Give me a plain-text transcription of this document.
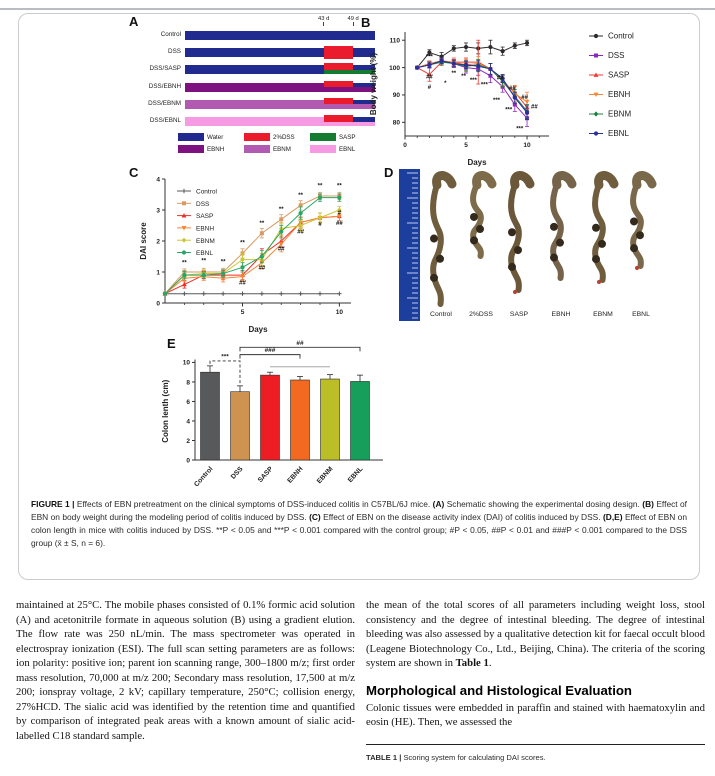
A
Control
DSS
DSS/SASP
DSS/EBNH
DSS/EBNM
DSS/EBNL
43 d	49 d
Water	2%DSS	SASP
EBNH	EBNM	EBNL
B
80
90
100
110
0	5	10
Days
Body weight (%)	***
##
#
*
** **
***
***
***
##
***
##
***
##
##
Control
DSS
SASP
EBNH
EBNM
EBNL
C
0
1
2
3
4
5	10
Days
DAI score
** ** **
**
**
**
**
** **
##
##
##
##
# ##
#
Control
DSS
SASP
EBNH
EBNM
EBNL
D
Control	2%DSS	SASP	EBNH	EBNM	EBNL
E
0
2
4
6
8
10
Colon lenth (cm)
Control DSS SASP EBNH EBNM EBNL
***
###
##
FIGURE 1 | Effects of EBN pretreatment on the clinical symptoms of DSS-induced colitis in C57BL/6J mice. (A) Schematic showing the experimental dosing design. (B) Effect of EBN on body weight during the modeling period of colitis induced by DSS. (C) Effect of EBN on the disease activity index (DAI) of colitis induced by DSS. (D,E) Effect of EBN on colon length in mice with colitis induced by DSS. **P < 0.05 and ***P < 0.001 compared with the control group; #P < 0.05, ##P < 0.01 and ###P < 0.001 compared to the DSS group (x̄ ± S, n = 6).

maintained at 25°C. The mobile phases consisted of 0.1% formic acid solution (A) and acetonitrile formate in aqueous solution (B) using a gradient elution. The flow rate was 250 nL/min. The mass spectrometer was operated in electrospray ionization (ESI). The full scan setting parameters are as follows: ion polarity: positive ion; parent ion scanning range, 300–1800 m/z; first order mass resolution, 70,000 at m/z 200; Secondary mass resolution, 17,500 at m/z 200; ionspray voltage, 2 kV; capillary temperature, 250°C; collision energy, 27%HCD. The sialic acid was identified by the retention time and quantified by comparison of integrated peak areas with a known amount of sialic acid-labelled C18 standard sample.

the mean of the total scores of all parameters including weight loss, stool consistency and the degree of intestinal bleeding. The degree of intestinal bleeding was also assessed by a qualitative detection kit for faecal occult blood (Leagene Biotechnology Co., Ltd., Beijing, China). The criteria of the scoring system are shown in Table 1.

Morphological and Histological Evaluation

Colonic tissues were embedded in paraffin and stained with haematoxylin and eosin (HE). Then, we assessed the

TABLE 1 | Scoring system for calculating DAI scores.
